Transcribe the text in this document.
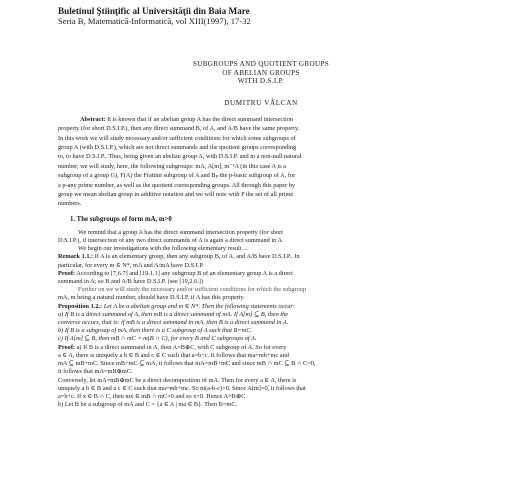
Buletinul Ştiinţific al Universităţii din Baia Mare
Seria B, Matematică-Informatică, vol XIII(1997), 17-32
SUBGROUPS AND QUOTIENT GROUPS
OF ABELIAN GROUPS
WITH D.S.I.P.
DUMITRU VÂLCAN
Abstract: It is known that if an abelian group A has the direct summand intersection
property (for short D.S.I.P.), then any direct summand B, of A, and A/B have the same property.
In this work we will study necessary and/or sufficient conditions for which some subgroups of
group A (with D.S.I.P.), which are not direct summands and the quotient groups corresponding
to, to have D.S.I.P.. Thus, being given an abelian group A, with D.S.I.P. and m a non-null natural
number, we will study, here, the following subgroups: mA, A[m], m⁻¹A (in this case A is a
subgroup of a group G), F(A) the Frattini subgroup of A and Bₚ the p-basic subgroup of A, for
a p-any prime number, as well as the quotient corresponding groups. All through this paper by
group we mean abelian group in additive notation and we will note with P the set of all prime
numbers.
1. The subgroups of form mA, m>0

We remind that a group A has the direct summand intersection property (for short

D.S.I.P.), if intersection of any two direct summands of A is again a direct summand in A.

We begin our investigations with the following elementary result ...

Remark 1.1.: If A is an elementary group, then any subgroup B, of A, and A/B have D.S.I.P.. In

particular, for every m ∈ N*, mA and A/mA have D.S.I.P.

Proof: According to [7,6.7] and [19.1.1] any subgroup B of an elementary group A is a direct

summand in A; so B and A/B have D.S.I.P. (see [19,2.6.])

Further on we will study the necessary and/or sufficient conditions for which the subgroup

mA, m being a natural number, should have D.S.I.P. if A has this property.

Proposition 1.2.: Let A be a abelian group and m ∈ N*. Then the following statements occur:

a) If B is a direct summand of A, then mB is a direct summand of mA. If A[m] ⊆ B, then the

converse occurs, that is: if mB is a direct summand in mA, then B is a direct summand in A.

b) If B is a subgroup of mA, then there is a C subgroup of A such that B=mC.

c) If A[m] ⊆ B, then mB ∩ mC = m(B ∩ C), for every B and C subgroups of A.

Proof: a) If B is a direct summand in A, then A=B⊕C, with C subgroup of A. So for every

a ∈ A, there is uniquely a b ∈ B and c ∈ C such that a=b+c. It follows that ma=mb+mc and

mA ⊆ mB+mC. Since mB+mC ⊆ mA, it follows that mA=mB+mC and since mB ∩ mC ⊆ B ∩ C=0,

it follows that mA=mB⊕mC.

Conversely, let mA=mB⊕mC be a direct decomposition of mA. Then for every a ∈ A, there is

uniquely a b ∈ B and a c ∈ C such that ma=mb+mc. So m(a-b-c)=0. Since A[m]=0, it follows that

a=b+c. If x ∈ B ∩ C, then mx ∈ mB ∩ mC=0 and so x=0. Hence A=B⊕C.

b) Let B be a subgroup of mA and C = {a ∈ A | ma ∈ B}. Then B=mC.
